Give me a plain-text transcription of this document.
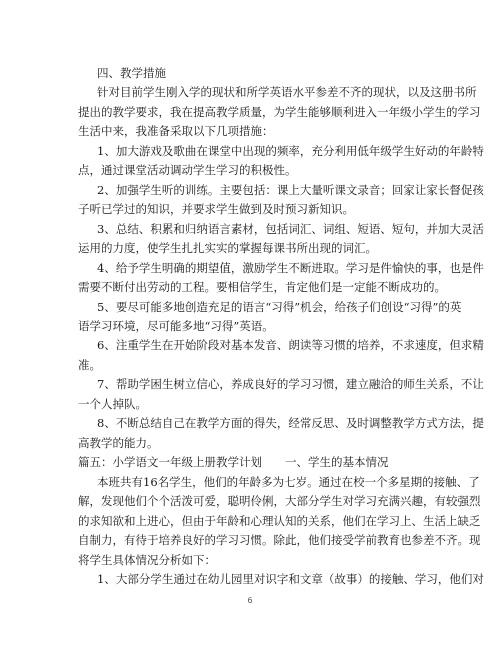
四、教学措施
针对目前学生刚入学的现状和所学英语水平参差不齐的现状，以及这册书所
提出的教学要求，我在提高教学质量，为学生能够顺利进入一年级小学生的学习
生活中来，我准备采取以下几项措施：
1、加大游戏及歌曲在课堂中出现的频率，充分利用低年级学生好动的年龄特
点，通过课堂活动调动学生学习的积极性。
2、加强学生听的训练。主要包括：课上大量听课文录音；回家让家长督促孩
子听已学过的知识，并要求学生做到及时预习新知识。
3、总结、积累和归纳语言素材，包括词汇、词组、短语、短句，并加大灵活
运用的力度，使学生扎扎实实的掌握每课书所出现的词汇。
4、给予学生明确的期望值，激励学生不断进取。学习是件愉快的事，也是件
需要不断付出劳动的工程。要相信学生，肯定他们是一定能不断成功的。
5、要尽可能多地创造充足的语言“习得”机会，给孩子们创设“习得”的英
语学习环境，尽可能多地“习得”英语。
6、注重学生在开始阶段对基本发音、朗读等习惯的培养，不求速度，但求精
准。
7、帮助学困生树立信心，养成良好的学习习惯，建立融洽的师生关系，不让
一个人掉队。
8、不断总结自己在教学方面的得失，经常反思、及时调整教学方式方法，提
高教学的能力。
篇五：小学语文一年级上册教学计划　　一、学生的基本情况
本班共有16名学生，他们的年龄多为七岁。通过在校一个多星期的接触、了
解，发现他们个个活泼可爱，聪明伶俐，大部分学生对学习充满兴趣，有较强烈
的求知欲和上进心，但由于年龄和心理认知的关系，他们在学习上、生活上缺乏
自制力，有待于培养良好的学习习惯。除此，他们接受学前教育也参差不齐。现
将学生具体情况分析如下：
1、大部分学生通过在幼儿园里对识字和文章（故事）的接触、学习，他们对
6
